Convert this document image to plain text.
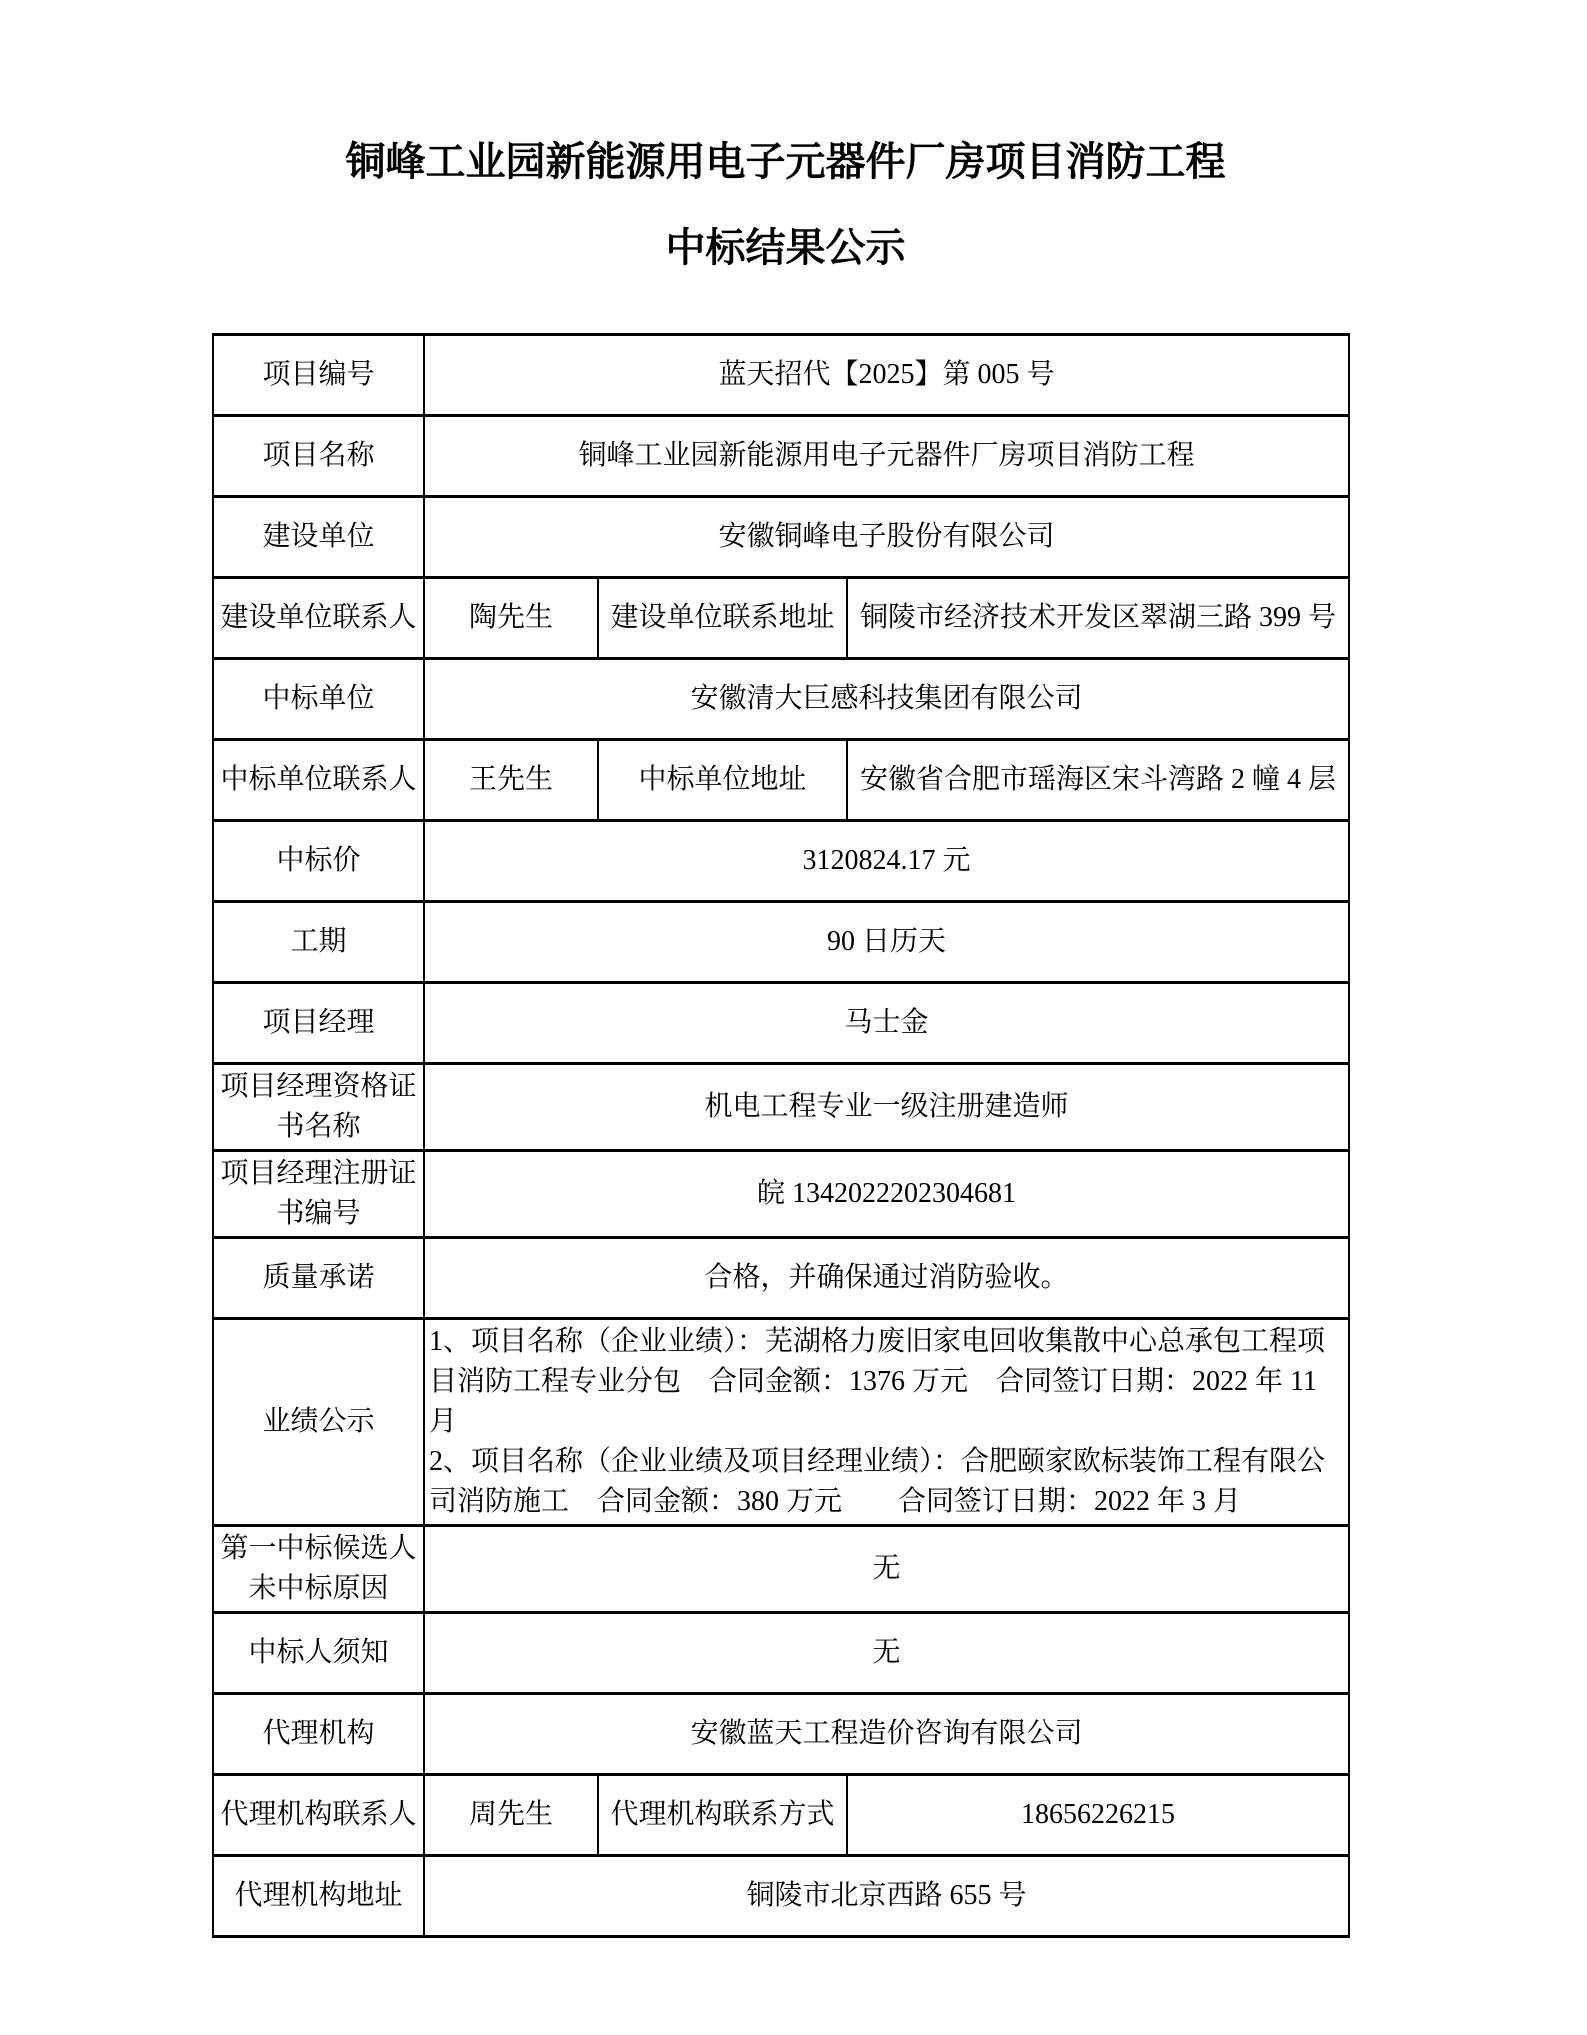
铜峰工业园新能源用电子元器件厂房项目消防工程
中标结果公示
项目编号	蓝天招代【2025】第 005 号		
项目名称	铜峰工业园新能源用电子元器件厂房项目消防工程		
建设单位	安徽铜峰电子股份有限公司		
建设单位联系人	陶先生	建设单位联系地址	铜陵市经济技术开发区翠湖三路 399 号
中标单位	安徽清大巨感科技集团有限公司		
中标单位联系人	王先生	中标单位地址	安徽省合肥市瑶海区宋斗湾路 2 幢 4 层
中标价	3120824.17 元		
工期	90 日历天		
项目经理	马士金		
项目经理资格证书名称	机电工程专业一级注册建造师		
项目经理注册证书编号	皖 1342022202304681		
质量承诺	合格，并确保通过消防验收。		
业绩公示	1、项目名称（企业业绩）：芜湖格力废旧家电回收集散中心总承包工程项目消防工程专业分包　合同金额：1376 万元　合同签订日期：2022 年 11 月
2、项目名称（企业业绩及项目经理业绩）：合肥颐家欧标装饰工程有限公司消防施工　合同金额：380 万元　　合同签订日期：2022 年 3 月		

第一中标候选人未中标原因	无		
中标人须知	无		
代理机构	安徽蓝天工程造价咨询有限公司		
代理机构联系人	周先生	代理机构联系方式	18656226215
代理机构地址	铜陵市北京西路 655 号		
